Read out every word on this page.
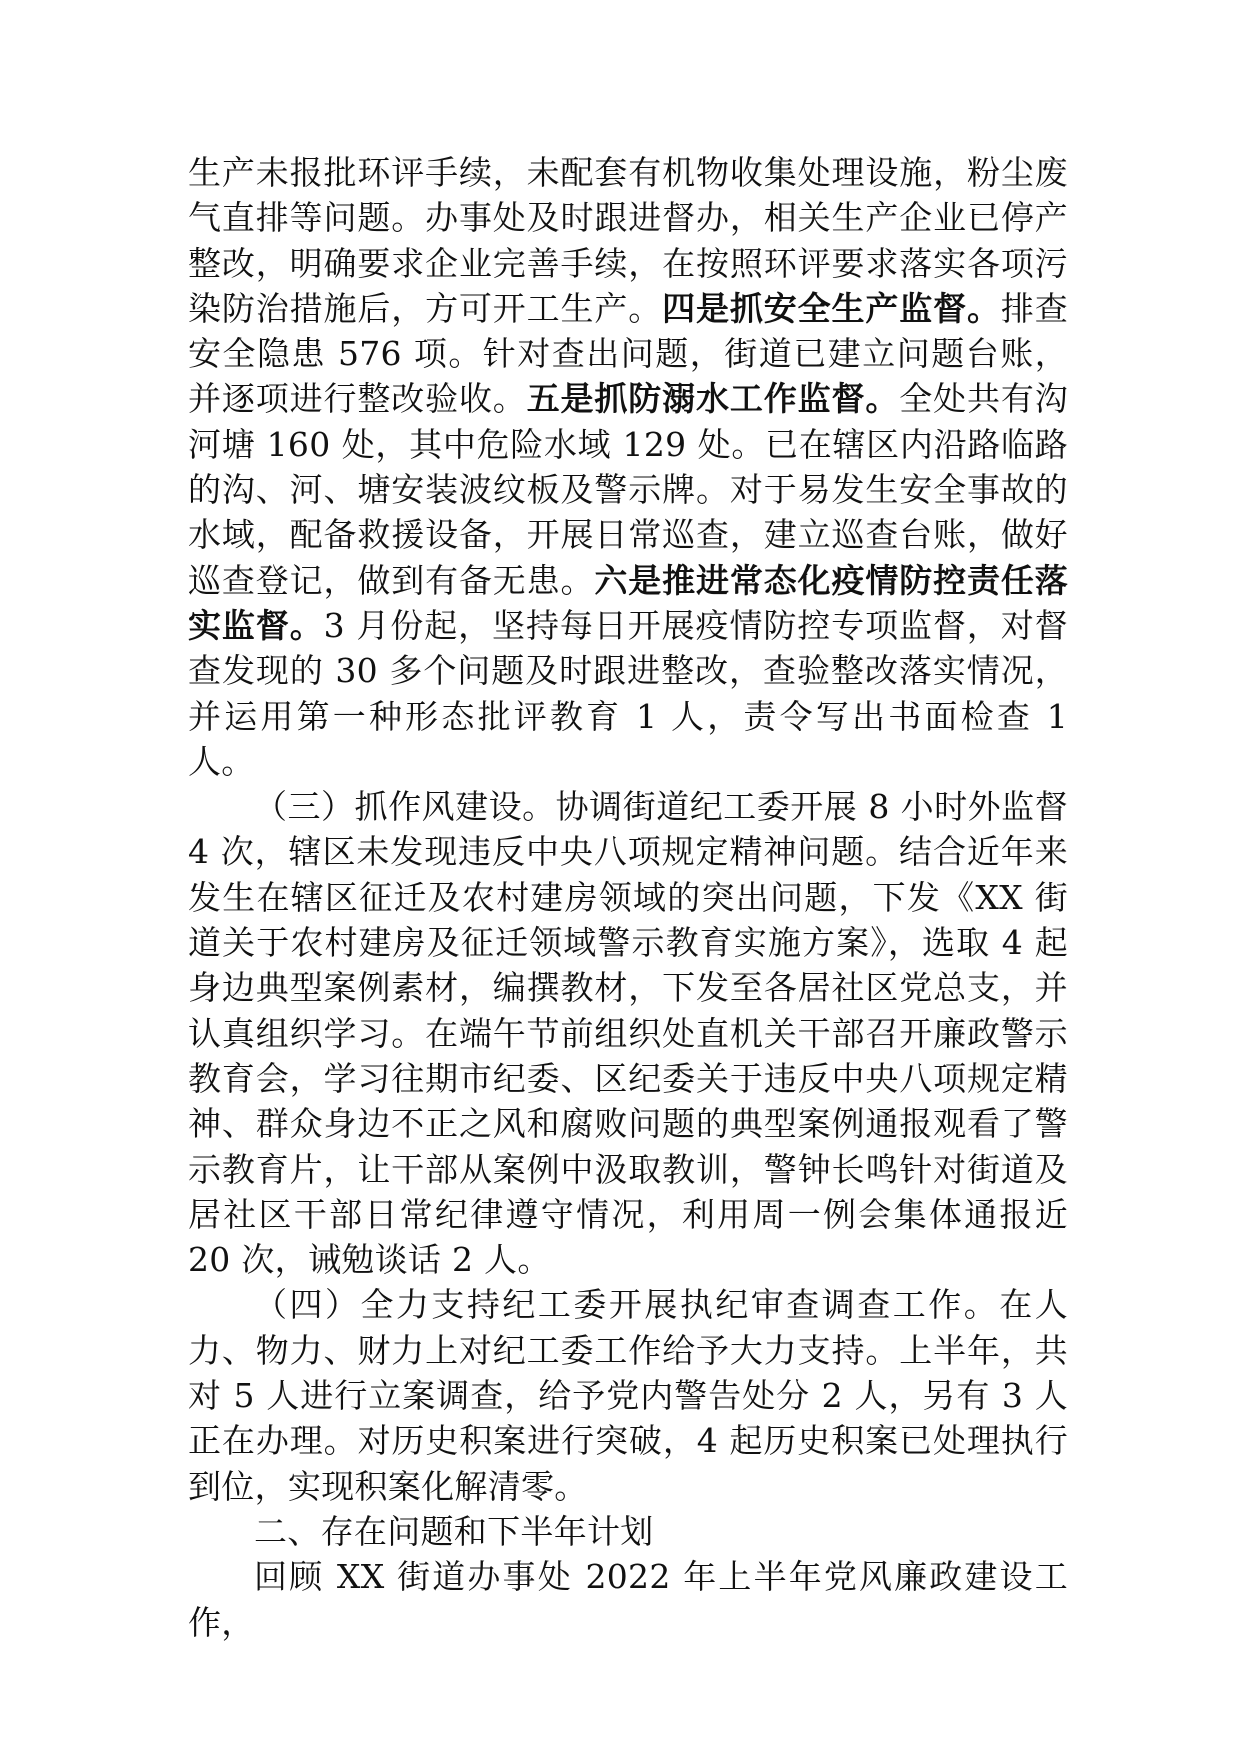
生产未报批环评手续，未配套有机物收集处理设施，粉尘废气直排等问题。办事处及时跟进督办，相关生产企业已停产整改，明确要求企业完善手续，在按照环评要求落实各项污染防治措施后，方可开工生产。四是抓安全生产监督。排查安全隐患 576 项。针对查出问题，街道已建立问题台账，并逐项进行整改验收。五是抓防溺水工作监督。全处共有沟河塘 160 处，其中危险水域 129 处。已在辖区内沿路临路的沟、河、塘安装波纹板及警示牌。对于易发生安全事故的水域，配备救援设备，开展日常巡查，建立巡查台账，做好巡查登记，做到有备无患。六是推进常态化疫情防控责任落实监督。3 月份起，坚持每日开展疫情防控专项监督，对督查发现的 30 多个问题及时跟进整改，查验整改落实情况，并运用第一种形态批评教育 1 人，责令写出书面检查 1 人。

（三）抓作风建设。协调街道纪工委开展 8 小时外监督 4 次，辖区未发现违反中央八项规定精神问题。结合近年来发生在辖区征迁及农村建房领域的突出问题，下发《XX 街道关于农村建房及征迁领域警示教育实施方案》，选取 4 起身边典型案例素材，编撰教材，下发至各居社区党总支，并认真组织学习。在端午节前组织处直机关干部召开廉政警示教育会，学习往期市纪委、区纪委关于违反中央八项规定精神、群众身边不正之风和腐败问题的典型案例通报观看了警示教育片，让干部从案例中汲取教训，警钟长鸣针对街道及居社区干部日常纪律遵守情况，利用周一例会集体通报近 20 次，诫勉谈话 2 人。

（四）全力支持纪工委开展执纪审查调查工作。在人力、物力、财力上对纪工委工作给予大力支持。上半年，共对 5 人进行立案调查，给予党内警告处分 2 人，另有 3 人正在办理。对历史积案进行突破，4 起历史积案已处理执行到位，实现积案化解清零。

二、存在问题和下半年计划

回顾 XX 街道办事处 2022 年上半年党风廉政建设工作，
